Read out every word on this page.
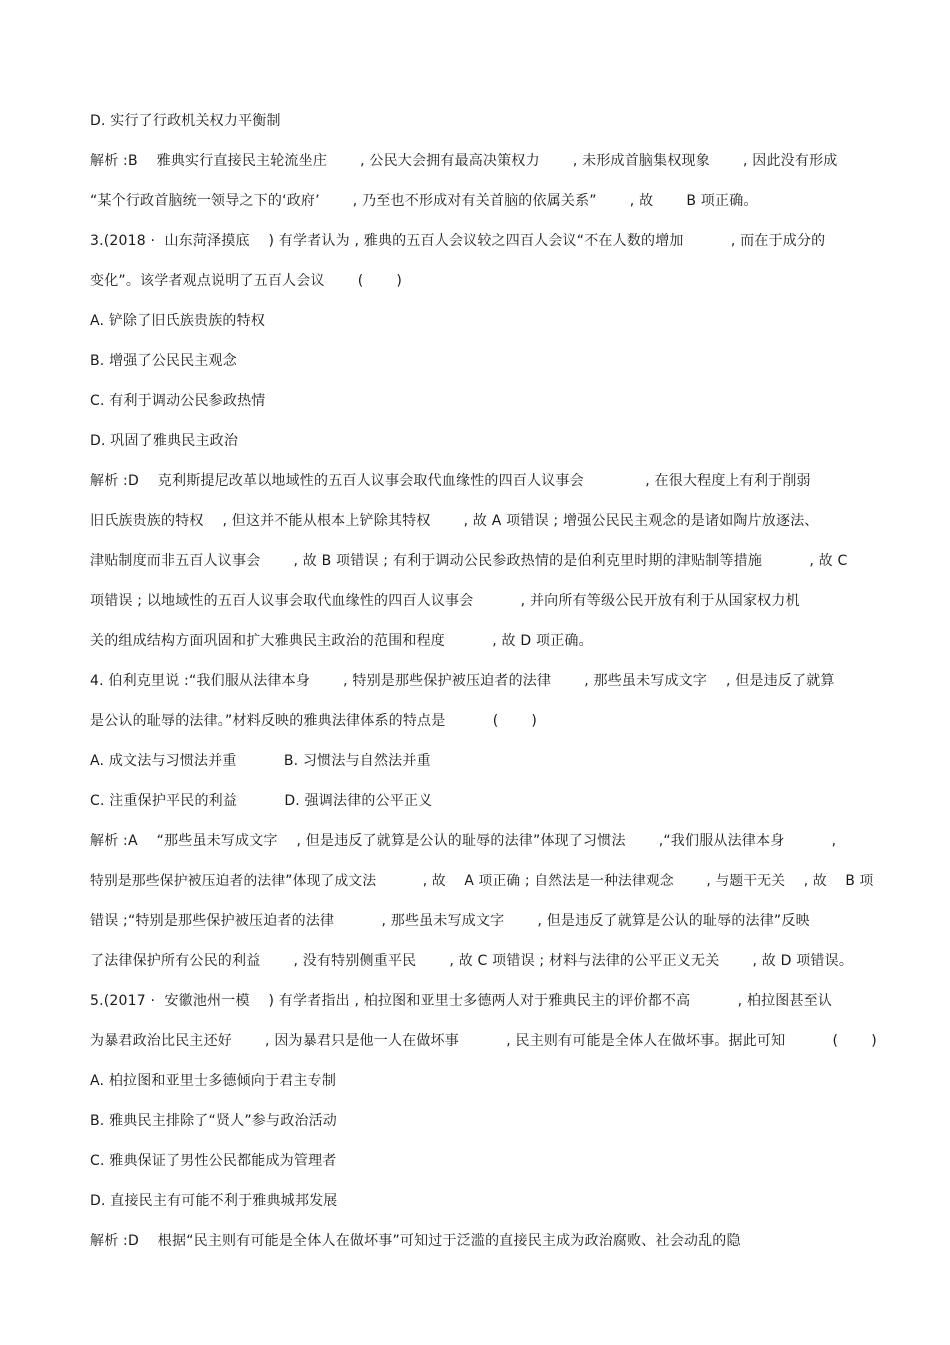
D. 实行了行政机关权力平衡制

解析 :B　 雅典实行直接民主轮流坐庄　　 , 公民大会拥有最高决策权力　　 , 未形成首脑集权现象　　 , 因此没有形成

“某个行政首脑统一领导之下的‘政府’　　 , 乃至也不形成对有关首脑的依属关系”　　 , 故　　 B 项正确。

3.(2018 ·  山东菏泽摸底　 ) 有学者认为 , 雅典的五百人会议较之四百人会议“不在人数的增加　　　 , 而在于成分的

变化”。该学者观点说明了五百人会议　　 (　　 )

A. 铲除了旧氏族贵族的特权

B. 增强了公民民主观念

C. 有利于调动公民参政热情

D. 巩固了雅典民主政治

解析 :D　 克利斯提尼改革以地域性的五百人议事会取代血缘性的四百人议事会　　　　 , 在很大程度上有利于削弱

旧氏族贵族的特权　 , 但这并不能从根本上铲除其特权　　 , 故 A 项错误 ; 增强公民民主观念的是诸如陶片放逐法、

津贴制度而非五百人议事会　　 , 故 B 项错误 ; 有利于调动公民参政热情的是伯利克里时期的津贴制等措施　　　 , 故 C

项错误 ; 以地域性的五百人议事会取代血缘性的四百人议事会　　　 , 并向所有等级公民开放有利于从国家权力机

关的组成结构方面巩固和扩大雅典民主政治的范围和程度　　　 , 故 D 项正确。

4. 伯利克里说 :“我们服从法律本身　　 , 特别是那些保护被压迫者的法律　　 , 那些虽未写成文字　 , 但是违反了就算

是公认的耻辱的法律。”材料反映的雅典法律体系的特点是　　　 (　　 )

A. 成文法与习惯法并重　　　 B. 习惯法与自然法并重

C. 注重保护平民的利益　　　 D. 强调法律的公平正义

解析 :A　 “那些虽未写成文字　 , 但是违反了就算是公认的耻辱的法律”体现了习惯法　　 ,“我们服从法律本身　　　 ,

特别是那些保护被压迫者的法律”体现了成文法　　　 , 故　 A 项正确 ; 自然法是一种法律观念　　 , 与题干无关　 , 故　 B 项

错误 ;“特别是那些保护被压迫者的法律　　　 , 那些虽未写成文字　　 , 但是违反了就算是公认的耻辱的法律”反映

了法律保护所有公民的利益　　 , 没有特别侧重平民　　 , 故 C 项错误 ; 材料与法律的公平正义无关　　 , 故 D 项错误。

5.(2017 ·  安徽池州一模　 ) 有学者指出 , 柏拉图和亚里士多德两人对于雅典民主的评价都不高　　　 , 柏拉图甚至认

为暴君政治比民主还好　　 , 因为暴君只是他一人在做坏事　　　 , 民主则有可能是全体人在做坏事。据此可知　　　 (　　 )

A. 柏拉图和亚里士多德倾向于君主专制

B. 雅典民主排除了“贤人”参与政治活动

C. 雅典保证了男性公民都能成为管理者

D. 直接民主有可能不利于雅典城邦发展

解析 :D　 根据“民主则有可能是全体人在做坏事”可知过于泛滥的直接民主成为政治腐败、社会动乱的隐
